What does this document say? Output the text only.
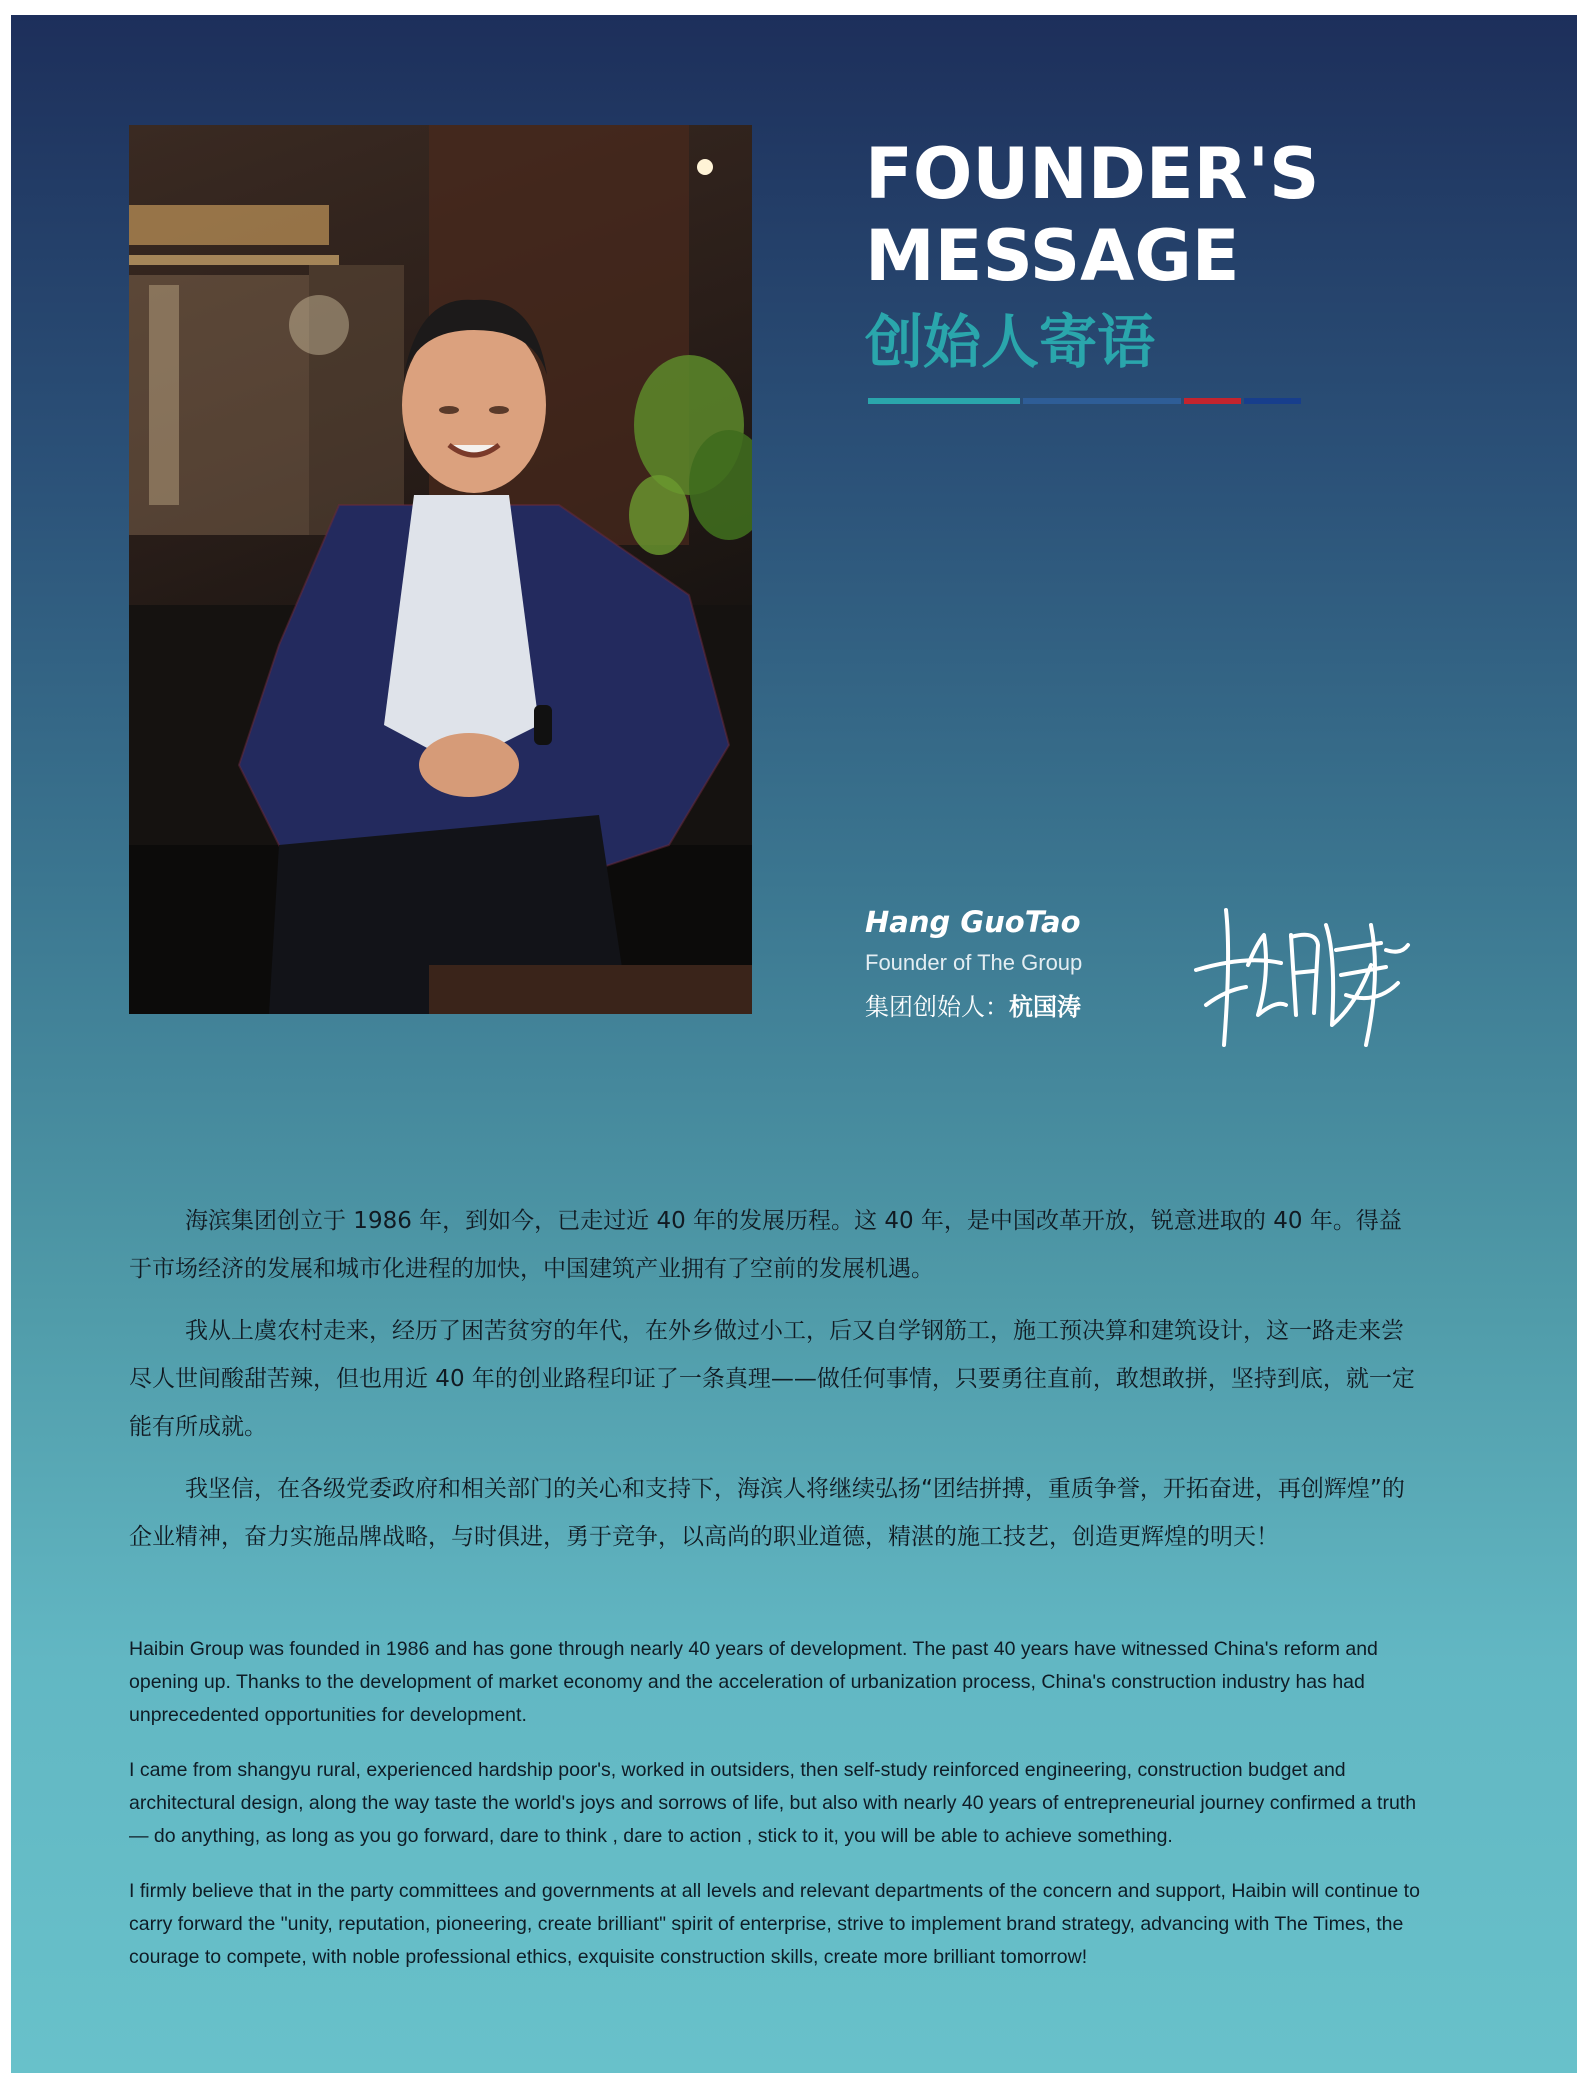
FOUNDER'S
MESSAGE
创始人寄语
Hang GuoTao
Founder of The Group
集团创始人：杭国涛

海滨集团创立于 1986 年，到如今，已走过近 40 年的发展历程。这 40 年，是中国改革开放，锐意进取的 40 年。得益于市场经济的发展和城市化进程的加快，中国建筑产业拥有了空前的发展机遇。

我从上虞农村走来，经历了困苦贫穷的年代，在外乡做过小工，后又自学钢筋工，施工预决算和建筑设计，这一路走来尝尽人世间酸甜苦辣，但也用近 40 年的创业路程印证了一条真理——做任何事情，只要勇往直前，敢想敢拼，坚持到底，就一定能有所成就。

我坚信，在各级党委政府和相关部门的关心和支持下，海滨人将继续弘扬“团结拼搏，重质争誉，开拓奋进，再创辉煌”的企业精神，奋力实施品牌战略，与时俱进，勇于竞争，以高尚的职业道德，精湛的施工技艺，创造更辉煌的明天！

Haibin Group was founded in 1986 and has gone through nearly 40 years of development. The past 40 years have witnessed China's reform and opening up. Thanks to the development of market economy and the acceleration of urbanization process, China's construction industry has had unprecedented opportunities for development.

I came from shangyu rural, experienced hardship poor's, worked in outsiders, then self-study reinforced engineering, construction budget and architectural design, along the way taste the world's joys and sorrows of life, but also with nearly 40 years of entrepreneurial journey confirmed a truth — do anything, as long as you go forward, dare to think , dare to action , stick to it, you will be able to achieve something.

I firmly believe that in the party committees and governments at all levels and relevant departments of the concern and support, Haibin will continue to carry forward the "unity, reputation, pioneering, create brilliant" spirit of enterprise, strive to implement brand strategy, advancing with The Times, the courage to compete, with noble professional ethics, exquisite construction skills, create more brilliant tomorrow!
